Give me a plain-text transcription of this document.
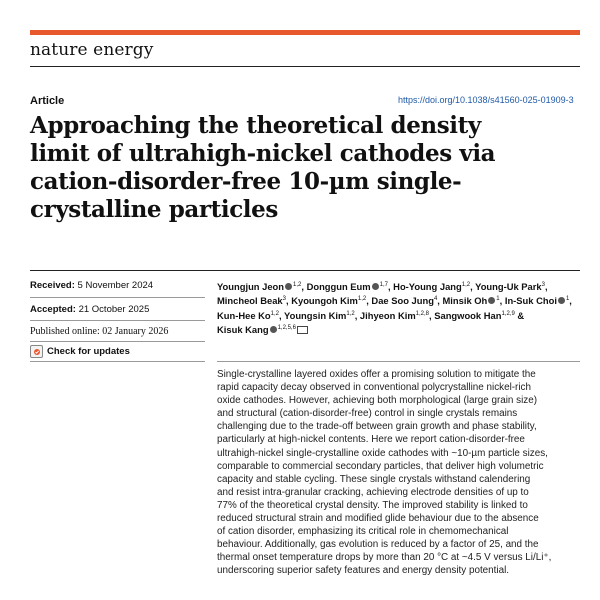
nature energy
Article	https://doi.org/10.1038/s41560-025-01909-3
Approaching the theoretical density
limit of ultrahigh-nickel cathodes via
cation-disorder-free 10-µm single-
crystalline particles
Received: 5 November 2024
Accepted: 21 October 2025
Published online: 02 January 2026
Check for updates
Youngjun Jeon $^{1,2}$, Donggun Eum $^{1,7}$, Ho-Young Jang$^{1,2}$, Young-Uk Park$^3$,
Mincheol Beak$^3$, Kyoungoh Kim$^{1,2}$, Dae Soo Jung$^4$, Minsik Oh $^1$, In-Suk Choi $^1$,
Kun-Hee Ko$^{1,2}$, Youngsin Kim$^{1,2}$, Jihyeon Kim$^{1,2,8}$, Sangwook Han$^{1,2,9}$ &
Kisuk Kang $^{1,2,5,6}$
Single-crystalline layered oxides offer a promising solution to mitigate the
rapid capacity decay observed in conventional polycrystalline nickel-rich
oxide cathodes. However, achieving both morphological (large grain size)
and structural (cation-disorder-free) control in single crystals remains
challenging due to the trade-off between grain growth and phase stability,
particularly at high-nickel contents. Here we report cation-disorder-free
ultrahigh-nickel single-crystalline oxide cathodes with ~10-µm particle sizes,
comparable to commercial secondary particles, that deliver high volumetric
capacity and stable cycling. These single crystals withstand calendering
and resist intra-granular cracking, achieving electrode densities of up to
77% of the theoretical crystal density. The improved stability is linked to
reduced structural strain and modified glide behaviour due to the absence
of cation disorder, emphasizing its critical role in chemomechanical
behaviour. Additionally, gas evolution is reduced by a factor of 25, and the
thermal onset temperature drops by more than 20 °C at ~4.5 V versus Li/Li⁺,
underscoring superior safety features and energy density potential.
